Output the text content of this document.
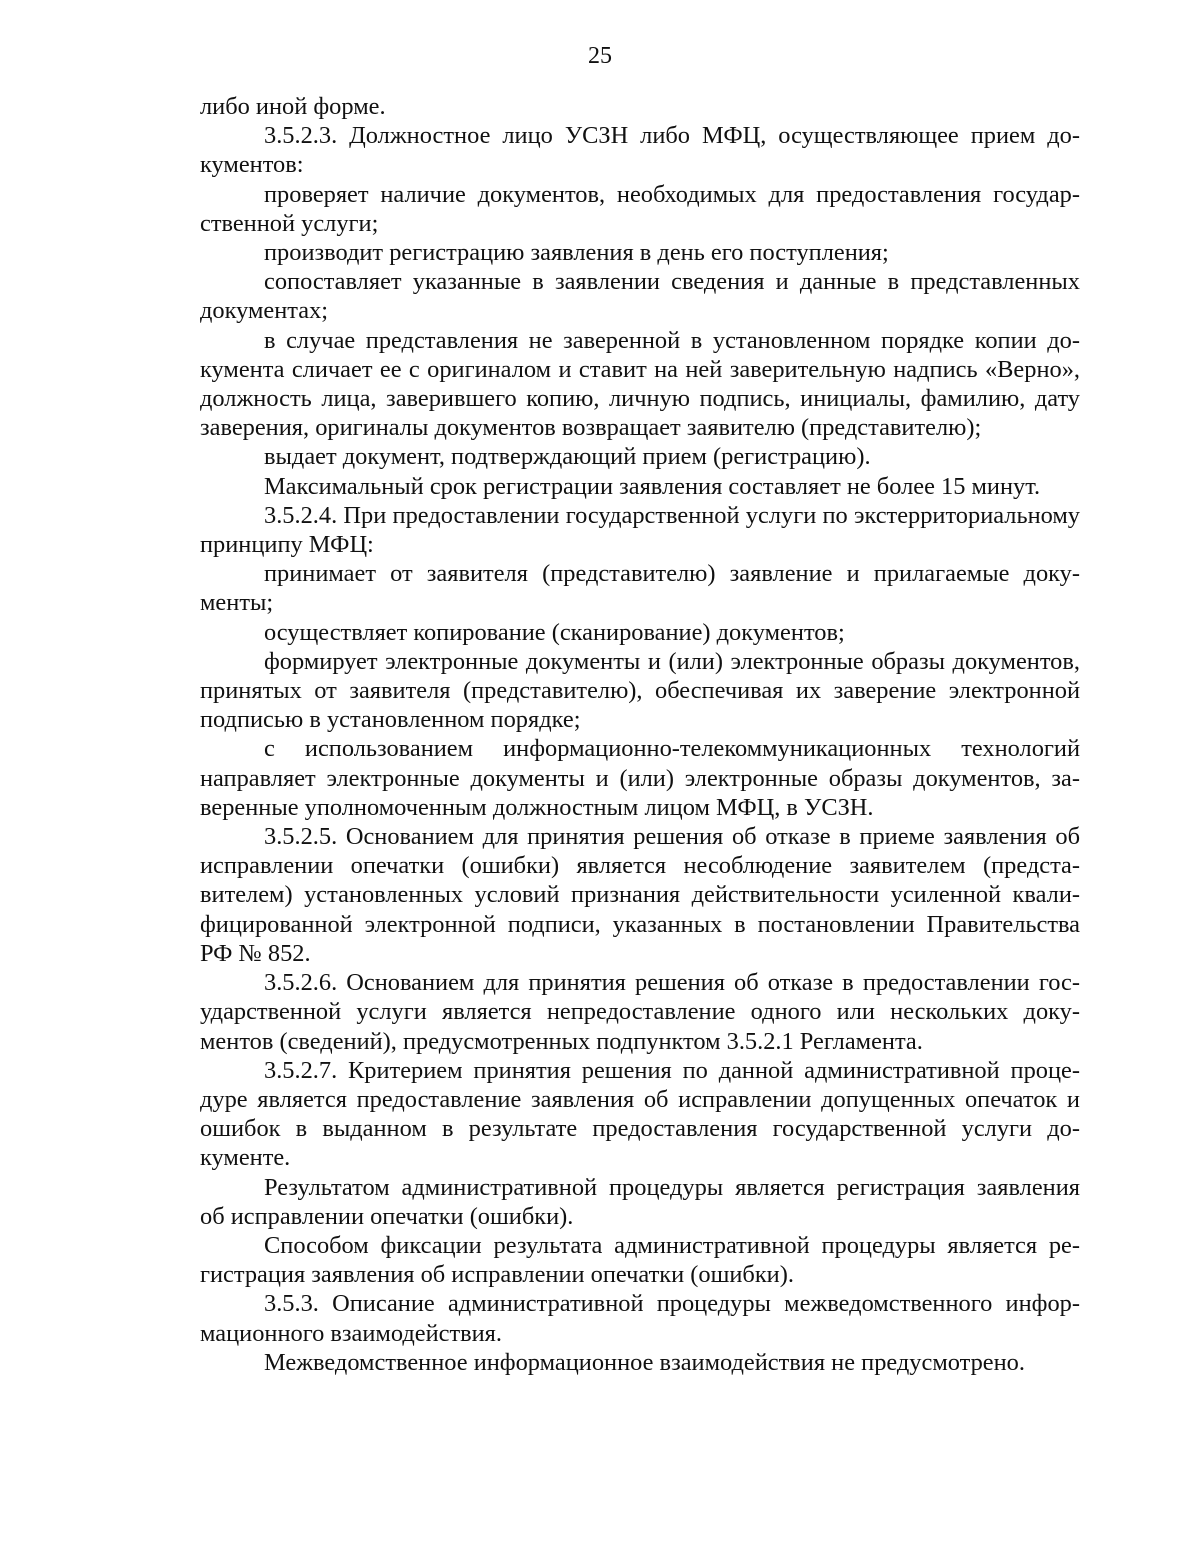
25

либо иной форме.

3.5.2.3. Должностное лицо УСЗН либо МФЦ, осуществляющее прием документов:

проверяет наличие документов, необходимых для предоставления государственной услуги;

производит регистрацию заявления в день его поступления;

сопоставляет указанные в заявлении сведения и данные в представленных документах;

в случае представления не заверенной в установленном порядке копии документа сличает ее с оригиналом и ставит на ней заверительную надпись «Верно», должность лица, заверившего копию, личную подпись, инициалы, фамилию, дату заверения, оригиналы документов возвращает заявителю (представителю);

выдает документ, подтверждающий прием (регистрацию).

Максимальный срок регистрации заявления составляет не более 15 минут.

3.5.2.4. При предоставлении государственной услуги по экстерриториальному принципу МФЦ:

принимает от заявителя (представителю) заявление и прилагаемые документы;

осуществляет копирование (сканирование) документов;

формирует электронные документы и (или) электронные образы документов, принятых от заявителя (представителю), обеспечивая их заверение электронной подписью в установленном порядке;

с использованием информационно-телекоммуникационных технологий направляет электронные документы и (или) электронные образы документов, заверенные уполномоченным должностным лицом МФЦ, в УСЗН.

3.5.2.5. Основанием для принятия решения об отказе в приеме заявления об исправлении опечатки (ошибки) является несоблюдение заявителем (представителем) установленных условий признания действительности усиленной квалифицированной электронной подписи, указанных в постановлении Правительства РФ № 852.

3.5.2.6. Основанием для принятия решения об отказе в предоставлении государственной услуги является непредоставление одного или нескольких документов (сведений), предусмотренных подпунктом 3.5.2.1 Регламента.

3.5.2.7. Критерием принятия решения по данной административной процедуре является предоставление заявления об исправлении допущенных опечаток и ошибок в выданном в результате предоставления государственной услуги документе.

Результатом административной процедуры является регистрация заявления об исправлении опечатки (ошибки).

Способом фиксации результата административной процедуры является регистрация заявления об исправлении опечатки (ошибки).

3.5.3. Описание административной процедуры межведомственного информационного взаимодействия.

Межведомственное информационное взаимодействия не предусмотрено.
